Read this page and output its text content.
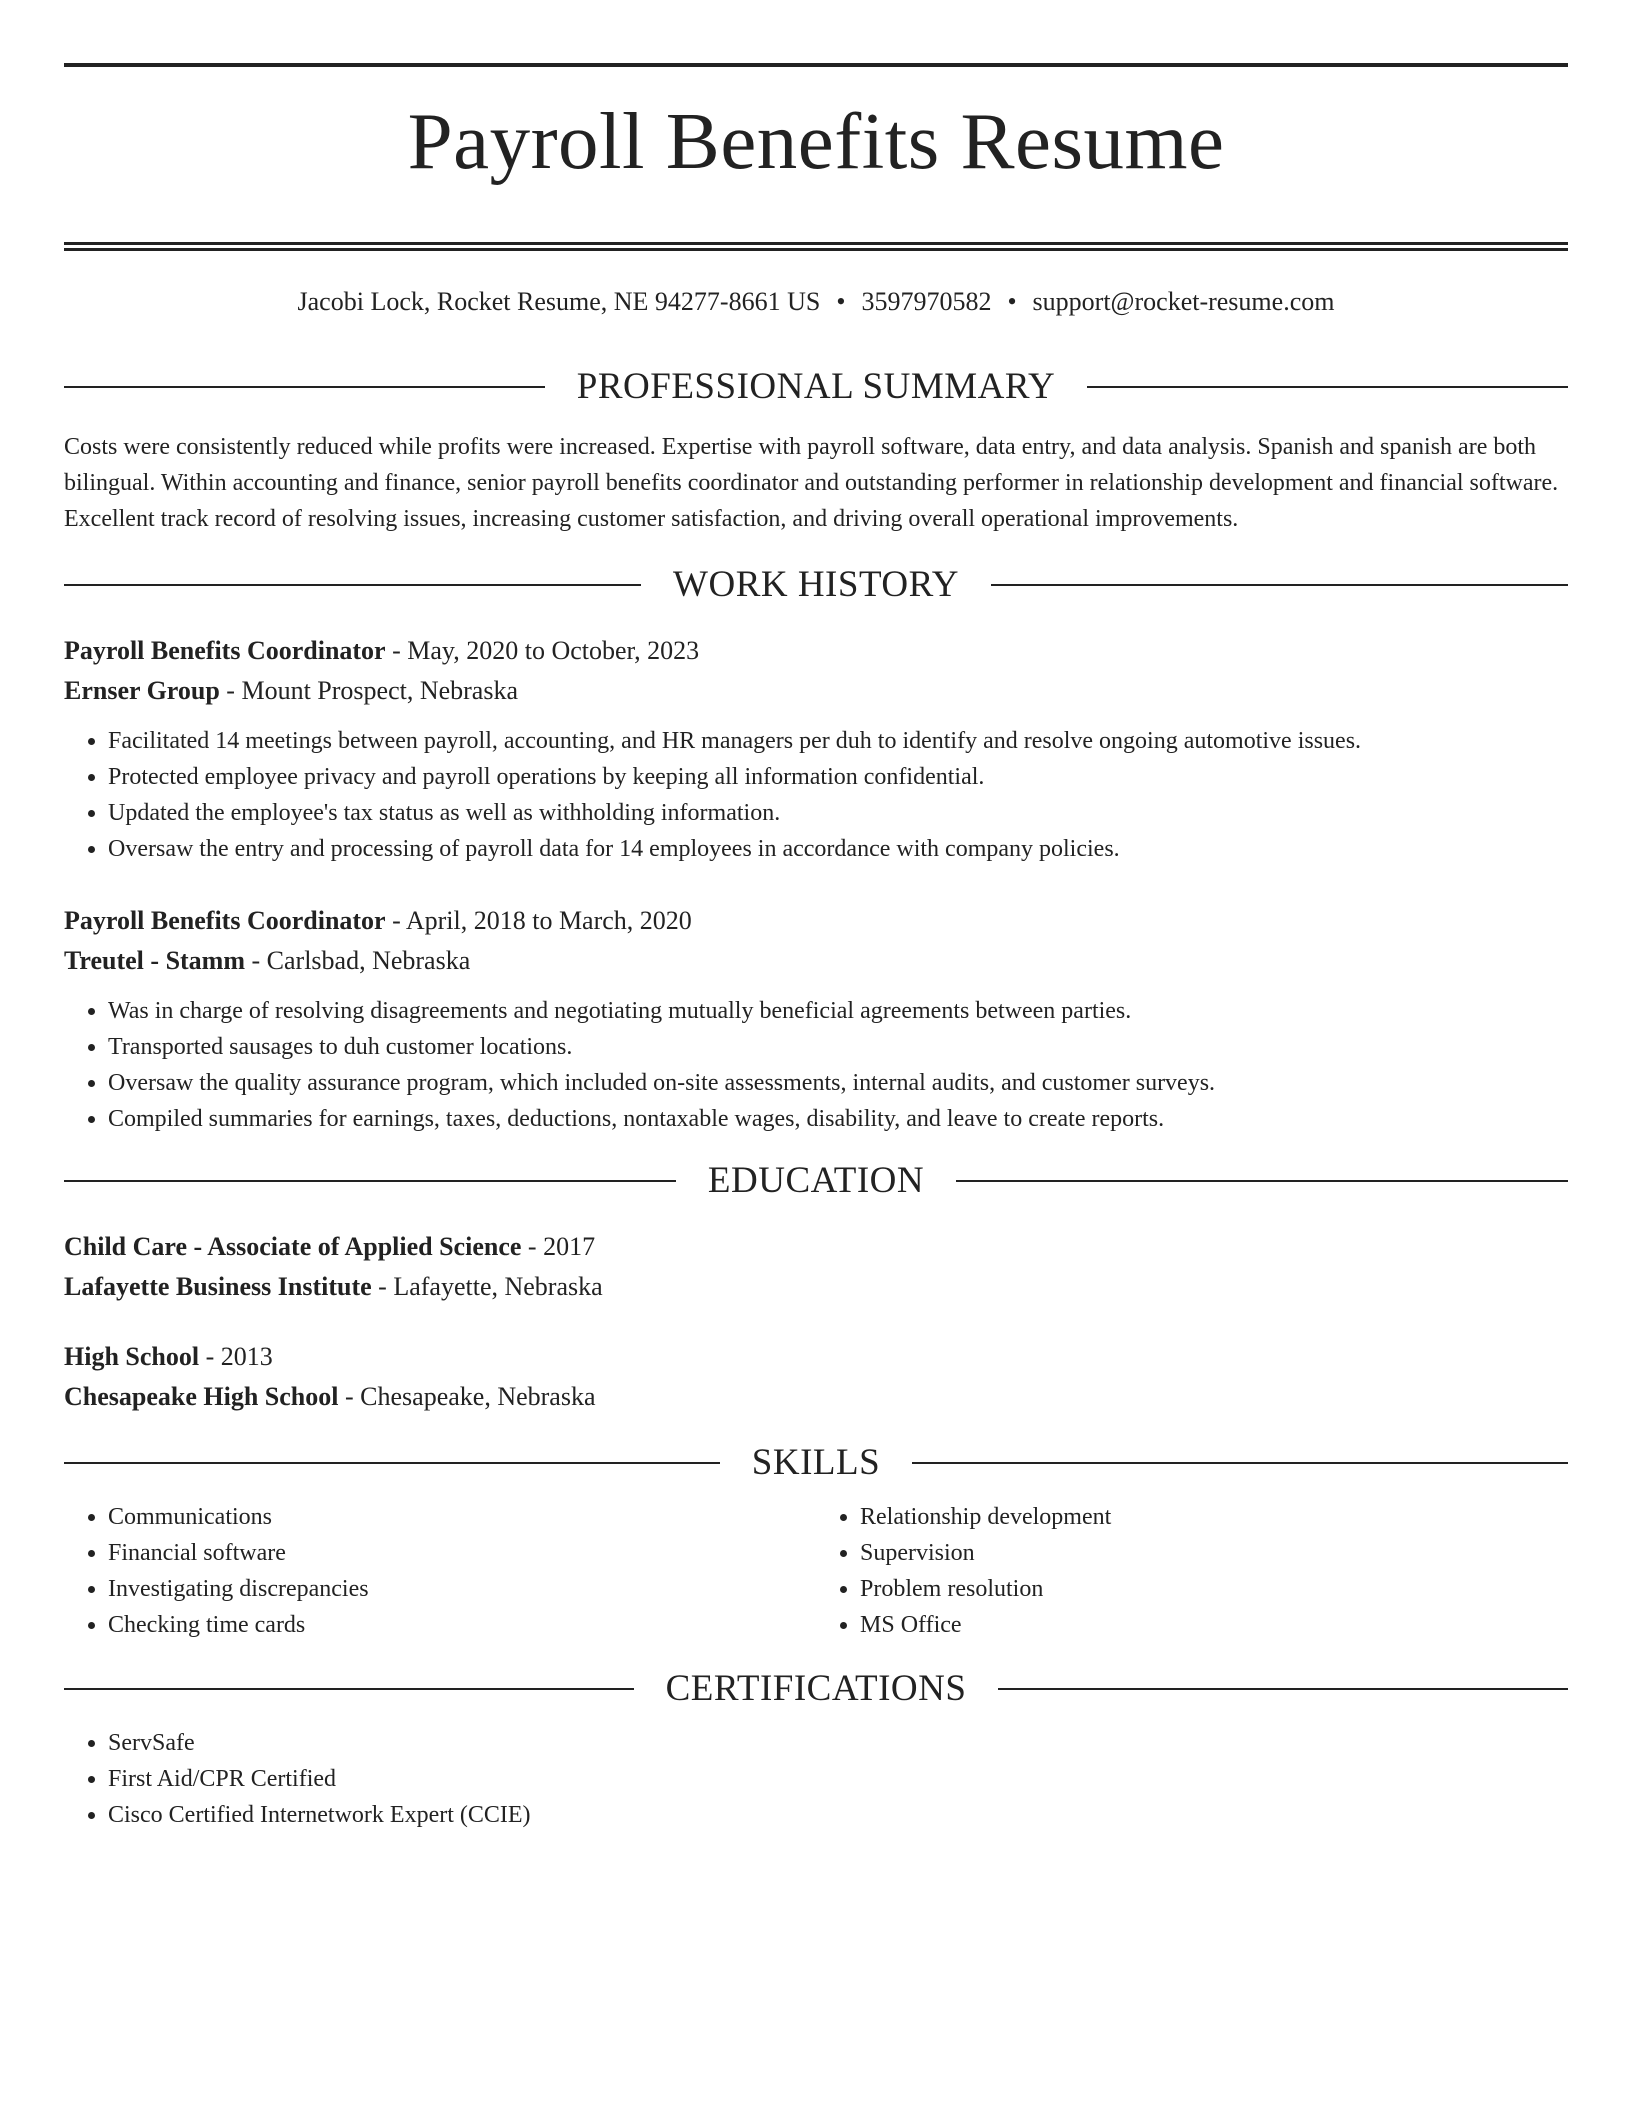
Payroll Benefits Resume
Jacobi Lock, Rocket Resume, NE 94277-8661 US • 3597970582 • support@rocket-resume.com
PROFESSIONAL SUMMARY
Costs were consistently reduced while profits were increased. Expertise with payroll software, data entry, and data analysis. Spanish and spanish are both bilingual. Within accounting and finance, senior payroll benefits coordinator and outstanding performer in relationship development and financial software. Excellent track record of resolving issues, increasing customer satisfaction, and driving overall operational improvements.
WORK HISTORY
Payroll Benefits Coordinator - May, 2020 to October, 2023
Ernser Group - Mount Prospect, Nebraska
• Facilitated 14 meetings between payroll, accounting, and HR managers per duh to identify and resolve ongoing automotive issues.
• Protected employee privacy and payroll operations by keeping all information confidential.
• Updated the employee's tax status as well as withholding information.
• Oversaw the entry and processing of payroll data for 14 employees in accordance with company policies.
Payroll Benefits Coordinator - April, 2018 to March, 2020
Treutel - Stamm - Carlsbad, Nebraska
• Was in charge of resolving disagreements and negotiating mutually beneficial agreements between parties.
• Transported sausages to duh customer locations.
• Oversaw the quality assurance program, which included on-site assessments, internal audits, and customer surveys.
• Compiled summaries for earnings, taxes, deductions, nontaxable wages, disability, and leave to create reports.
EDUCATION
Child Care - Associate of Applied Science - 2017
Lafayette Business Institute - Lafayette, Nebraska
High School - 2013
Chesapeake High School - Chesapeake, Nebraska
SKILLS
• Communications
• Financial software
• Investigating discrepancies
• Checking time cards
• Relationship development
• Supervision
• Problem resolution
• MS Office
CERTIFICATIONS
• ServSafe
• First Aid/CPR Certified
• Cisco Certified Internetwork Expert (CCIE)
